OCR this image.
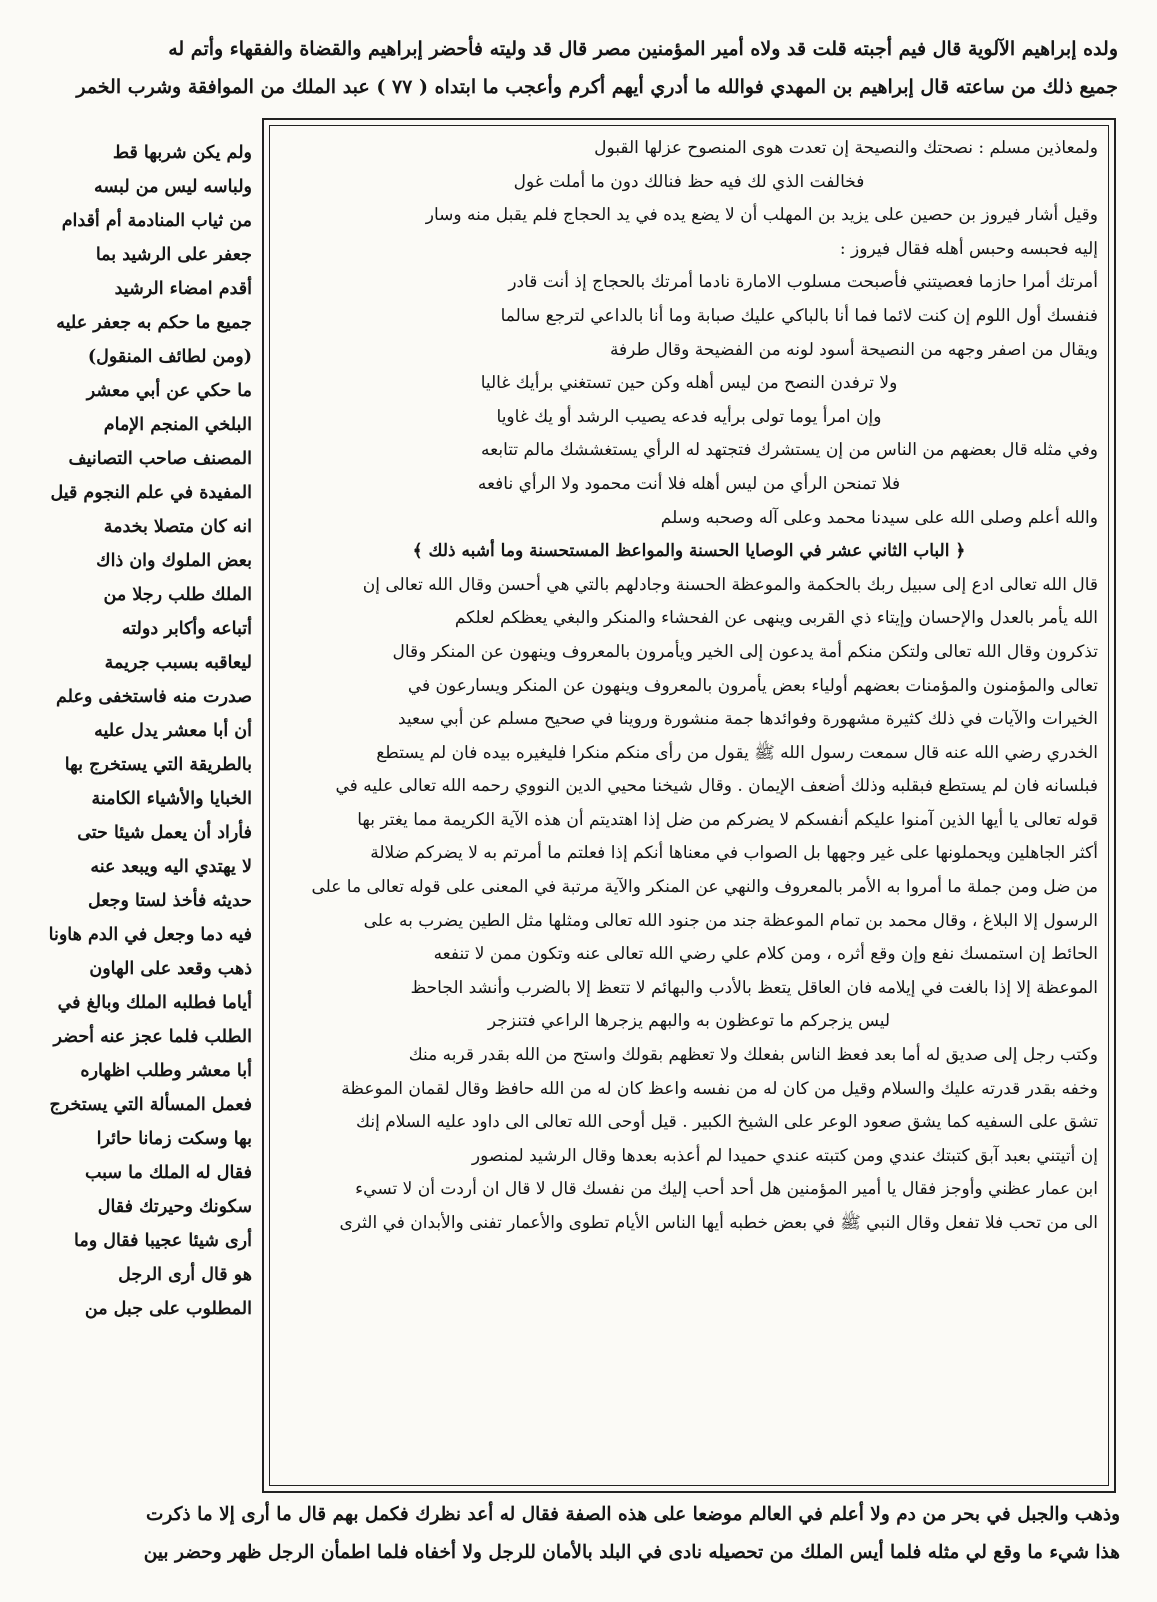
ولده إبراهيم الآلوية قال فيم أجبته قلت قد ولاه أمير المؤمنين مصر قال قد وليته فأحضر إبراهيم والقضاة والفقهاء وأتم له

جميع ذلك من ساعته قال إبراهيم بن المهدي فوالله ما أدري أيهم أكرم وأعجب ما ابتداه ( ٧٧ ) عبد الملك من الموافقة وشرب الخمر

ولمعاذين مسلم : نصحتك والنصيحة إن تعدت هوى المنصوح عزلها القبول

فخالفت الذي لك فيه حظ فنالك دون ما أملت غول

وقيل أشار فيروز بن حصين على يزيد بن المهلب أن لا يضع يده في يد الحجاج فلم يقبل منه وسار

إليه فحبسه وحبس أهله فقال فيروز :

أمرتك أمرا حازما فعصيتني فأصبحت مسلوب الامارة نادما أمرتك بالحجاج إذ أنت قادر

فنفسك أول اللوم إن كنت لائما فما أنا بالباكي عليك صبابة وما أنا بالداعي لترجع سالما

ويقال من اصفر وجهه من النصيحة أسود لونه من الفضيحة وقال طرفة

ولا ترفدن النصح من ليس أهله وكن حين تستغني برأيك غاليا

وإن امرأ يوما تولى برأيه فدعه يصيب الرشد أو يك غاويا

وفي مثله قال بعضهم من الناس من إن يستشرك فتجتهد له الرأي يستغششك مالم تتابعه

فلا تمنحن الرأي من ليس أهله فلا أنت محمود ولا الرأي نافعه

والله أعلم وصلى الله على سيدنا محمد وعلى آله وصحبه وسلم

﴿ الباب الثاني عشر في الوصايا الحسنة والمواعظ المستحسنة وما أشبه ذلك ﴾

قال الله تعالى ادع إلى سبيل ربك بالحكمة والموعظة الحسنة وجادلهم بالتي هي أحسن وقال الله تعالى إن

الله يأمر بالعدل والإحسان وإيتاء ذي القربى وينهى عن الفحشاء والمنكر والبغي يعظكم لعلكم

تذكرون وقال الله تعالى ولتكن منكم أمة يدعون إلى الخير ويأمرون بالمعروف وينهون عن المنكر وقال

تعالى والمؤمنون والمؤمنات بعضهم أولياء بعض يأمرون بالمعروف وينهون عن المنكر ويسارعون في

الخيرات والآيات في ذلك كثيرة مشهورة وفوائدها جمة منشورة وروينا في صحيح مسلم عن أبي سعيد

الخدري رضي الله عنه قال سمعت رسول الله ﷺ يقول من رأى منكم منكرا فليغيره بيده فان لم يستطع

فبلسانه فان لم يستطع فبقلبه وذلك أضعف الإيمان . وقال شيخنا محيي الدين النووي رحمه الله تعالى عليه في

قوله تعالى يا أيها الذين آمنوا عليكم أنفسكم لا يضركم من ضل إذا اهتديتم أن هذه الآية الكريمة مما يغتر بها

أكثر الجاهلين ويحملونها على غير وجهها بل الصواب في معناها أنكم إذا فعلتم ما أمرتم به لا يضركم ضلالة

من ضل ومن جملة ما أمروا به الأمر بالمعروف والنهي عن المنكر والآية مرتبة في المعنى على قوله تعالى ما على

الرسول إلا البلاغ ، وقال محمد بن تمام الموعظة جند من جنود الله تعالى ومثلها مثل الطين يضرب به على

الحائط إن استمسك نفع وإن وقع أثره ، ومن كلام علي رضي الله تعالى عنه وتكون ممن لا تنفعه

الموعظة إلا إذا بالغت في إيلامه فان العاقل يتعظ بالأدب والبهائم لا تتعظ إلا بالضرب وأنشد الجاحظ

ليس يزجركم ما توعظون به والبهم يزجرها الراعي فتنزجر

وكتب رجل إلى صديق له أما بعد فعظ الناس بفعلك ولا تعظهم بقولك واستح من الله بقدر قربه منك

وخفه بقدر قدرته عليك والسلام وقيل من كان له من نفسه واعظ كان له من الله حافظ وقال لقمان الموعظة

تشق على السفيه كما يشق صعود الوعر على الشيخ الكبير . قيل أوحى الله تعالى الى داود عليه السلام إنك

إن أتيتني بعبد آبق كتبتك عندي ومن كتبته عندي حميدا لم أعذبه بعدها وقال الرشيد لمنصور

ابن عمار عظني وأوجز فقال يا أمير المؤمنين هل أحد أحب إليك من نفسك قال لا قال ان أردت أن لا تسيء

الى من تحب فلا تفعل وقال النبي ﷺ في بعض خطبه أيها الناس الأيام تطوى والأعمار تفنى والأبدان في الثرى

ولم يكن شربها قط

ولباسه ليس من لبسه

من ثياب المنادمة أم أقدام

جعفر على الرشيد بما

أقدم امضاء الرشيد

جميع ما حكم به جعفر عليه

(ومن لطائف المنقول)

ما حكي عن أبي معشر

البلخي المنجم الإمام

المصنف صاحب التصانيف

المفيدة في علم النجوم قيل

انه كان متصلا بخدمة

بعض الملوك وان ذاك

الملك طلب رجلا من

أتباعه وأكابر دولته

ليعاقبه بسبب جريمة

صدرت منه فاستخفى وعلم

أن أبا معشر يدل عليه

بالطريقة التي يستخرج بها

الخبايا والأشياء الكامنة

فأراد أن يعمل شيئا حتى

لا يهتدي اليه ويبعد عنه

حديثه فأخذ لستا وجعل

فيه دما وجعل في الدم هاونا

ذهب وقعد على الهاون

أياما فطلبه الملك وبالغ في

الطلب فلما عجز عنه أحضر

أبا معشر وطلب اظهاره

فعمل المسألة التي يستخرج

بها وسكت زمانا حائرا

فقال له الملك ما سبب

سكونك وحيرتك فقال

أرى شيئا عجيبا فقال وما

هو قال أرى الرجل

المطلوب على جبل من

وذهب والجبل في بحر من دم ولا أعلم في العالم موضعا على هذه الصفة فقال له أعد نظرك فكمل بهم قال ما أرى إلا ما ذكرت

هذا شيء ما وقع لي مثله فلما أيس الملك من تحصيله نادى في البلد بالأمان للرجل ولا أخفاه فلما اطمأن الرجل ظهر وحضر بين
